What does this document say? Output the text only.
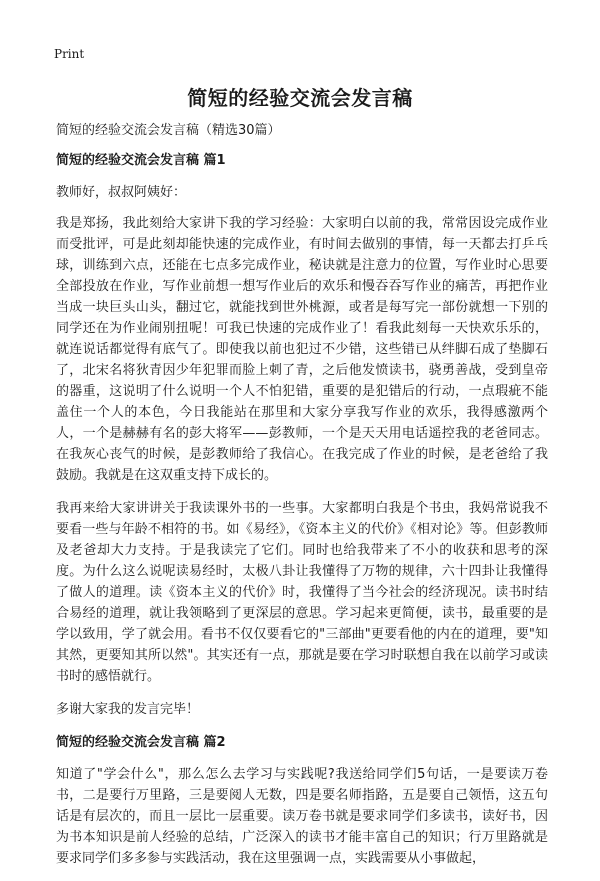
Print
简短的经验交流会发言稿

简短的经验交流会发言稿（精选30篇）

简短的经验交流会发言稿 篇1

教师好，叔叔阿姨好：

我是郑扬，我此刻给大家讲下我的学习经验：大家明白以前的我，常常因设完成作业而受批评，可是此刻却能快速的完成作业，有时间去做别的事情，每一天都去打乒乓球，训练到六点，还能在七点多完成作业，秘诀就是注意力的位置，写作业时心思要全部投放在作业，写作业前想一想写作业后的欢乐和慢吞吞写作业的痛苦，再把作业当成一块巨头山头，翻过它，就能找到世外桃源，或者是每写完一部份就想一下别的同学还在为作业闹别扭呢！可我已快速的完成作业了！看我此刻每一天快欢乐乐的，就连说话都觉得有底气了。即使我以前也犯过不少错，这些错已从绊脚石成了垫脚石了，北宋名将狄青因少年犯罪而脸上刺了青，之后他发愤读书，骁勇善战，受到皇帝的器重，这说明了什么说明一个人不怕犯错，重要的是犯错后的行动，一点瑕疵不能盖住一个人的本色，今日我能站在那里和大家分享我写作业的欢乐，我得感激两个人，一个是赫赫有名的彭大将军——彭教师，一个是天天用电话遥控我的老爸同志。在我灰心丧气的时候，是彭教师给了我信心。在我完成了作业的时候，是老爸给了我鼓励。我就是在这双重支持下成长的。

我再来给大家讲讲关于我读课外书的一些事。大家都明白我是个书虫，我妈常说我不要看一些与年龄不相符的书。如《易经》，《资本主义的代价》《相对论》等。但彭教师及老爸却大力支持。于是我读完了它们。同时也给我带来了不小的收获和思考的深度。为什么这么说呢读易经时，太极八卦让我懂得了万物的规律，六十四卦让我懂得了做人的道理。读《资本主义的代价》时，我懂得了当今社会的经济现况。读书时结合易经的道理，就让我领略到了更深层的意思。学习起来更简便，读书，最重要的是学以致用，学了就会用。看书不仅仅要看它的"三部曲"更要看他的内在的道理，要"知其然，更要知其所以然"。其实还有一点，那就是要在学习时联想自我在以前学习或读书时的感悟就行。

多谢大家我的发言完毕！

简短的经验交流会发言稿 篇2

知道了"学会什么"，那么怎么去学习与实践呢?我送给同学们5句话，一是要读万卷书，二是要行万里路，三是要阅人无数，四是要名师指路，五是要自己领悟，这五句话是有层次的，而且一层比一层重要。读万卷书就是要求同学们多读书，读好书，因为书本知识是前人经验的总结，广泛深入的读书才能丰富自己的知识；行万里路就是要求同学们多多参与实践活动，我在这里强调一点，实践需要从小事做起，
